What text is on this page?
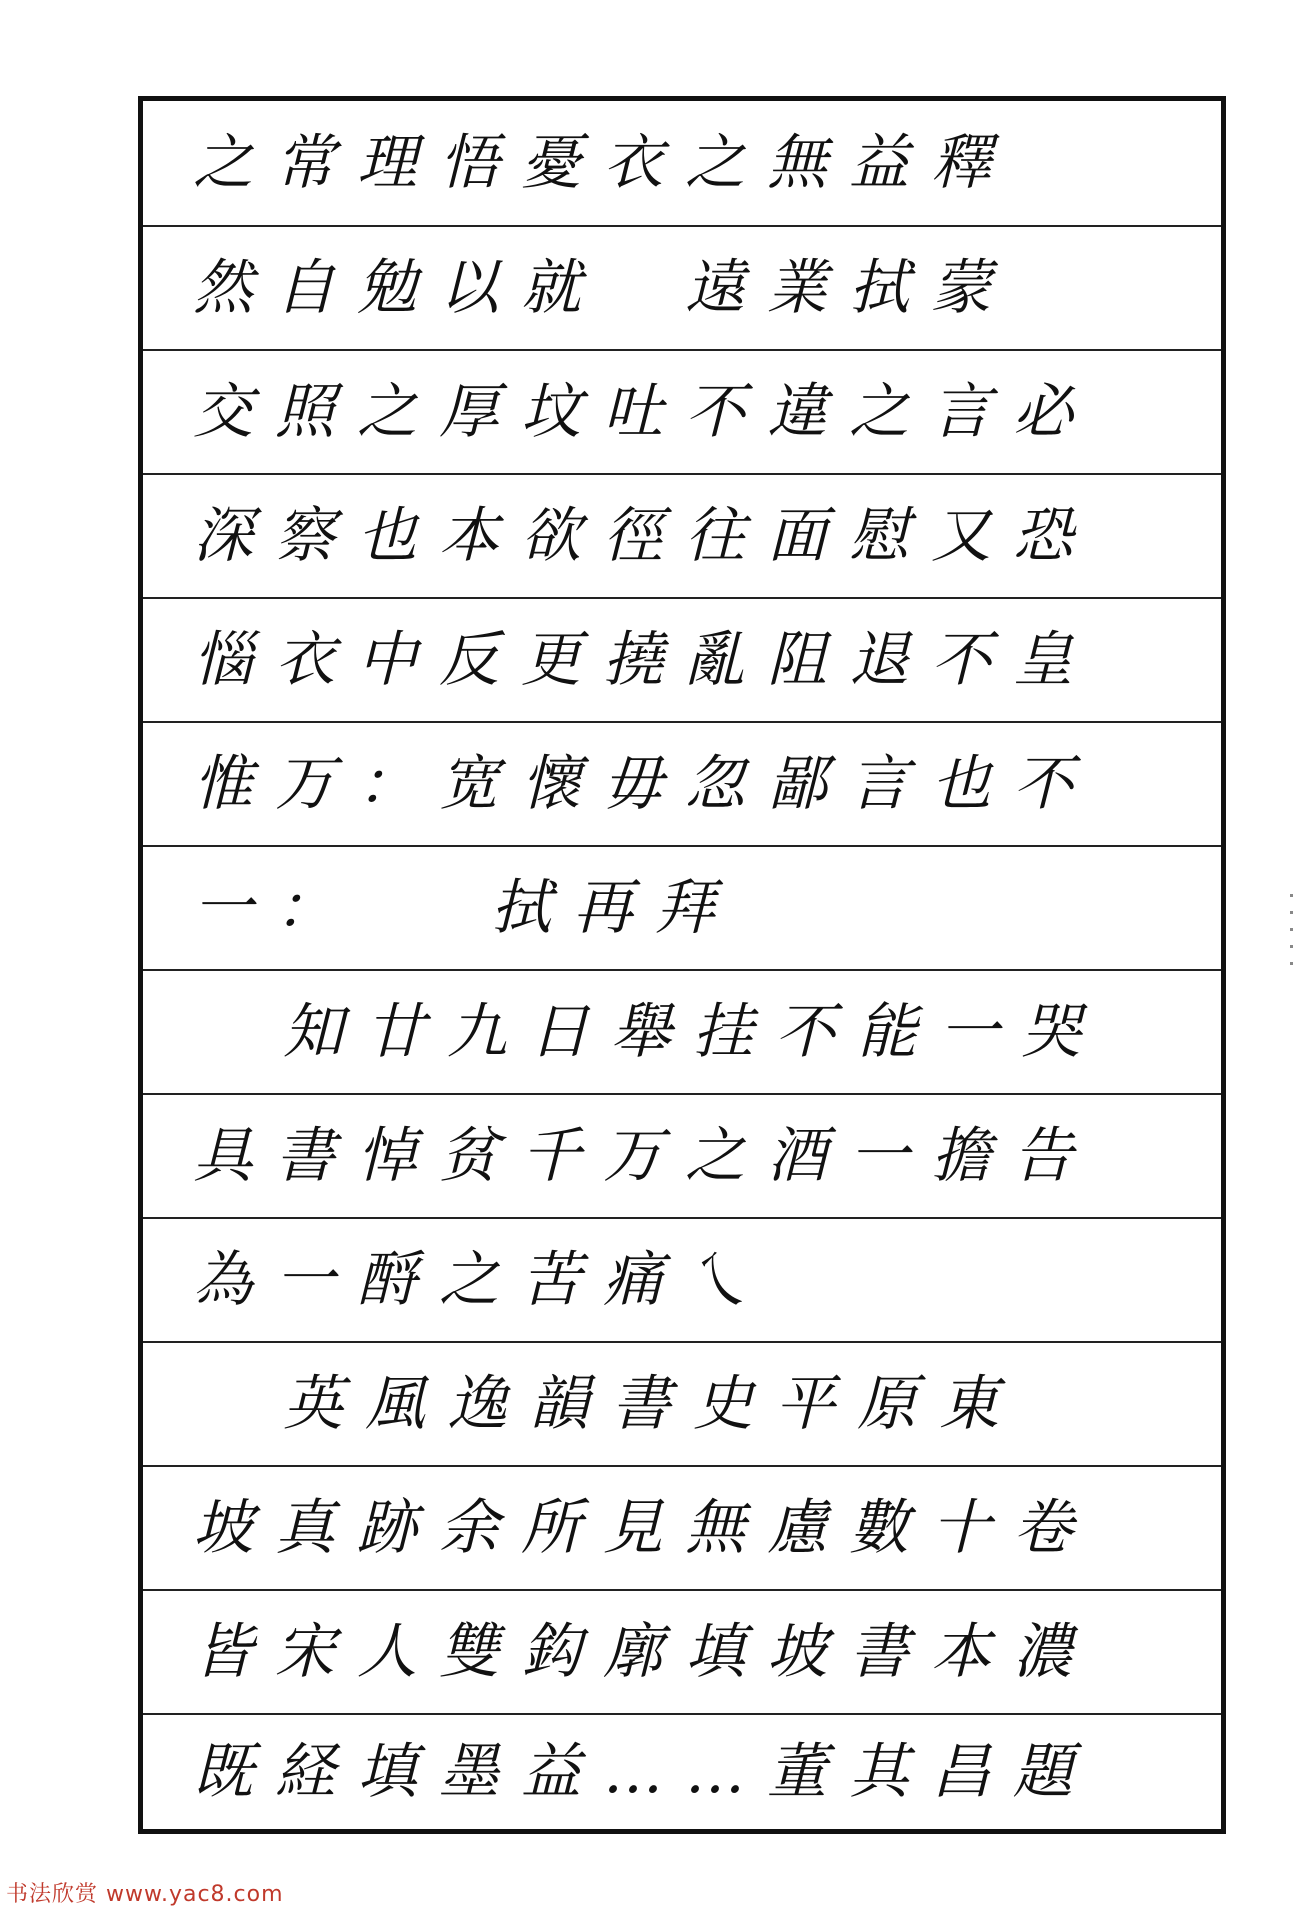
之常理悟憂衣之無益釋
然自勉以就　遠業拭蒙
交照之厚坟吐不違之言必
深察也本欲徑往面慰又恐
惱衣中反更撓亂阻退不皇
惟万：宽懷毋忽鄙言也不
一：　　拭再拜
知廿九日舉挂不能一哭
具書悼贫千万之酒一擔告
為一酹之苦痛乀
英風逸韻書史平原東
坡真跡余所見無慮數十卷
皆宋人雙鈎廓填坡書本濃
既経填墨益……董其昌題
书法欣赏 www.yac8.com
